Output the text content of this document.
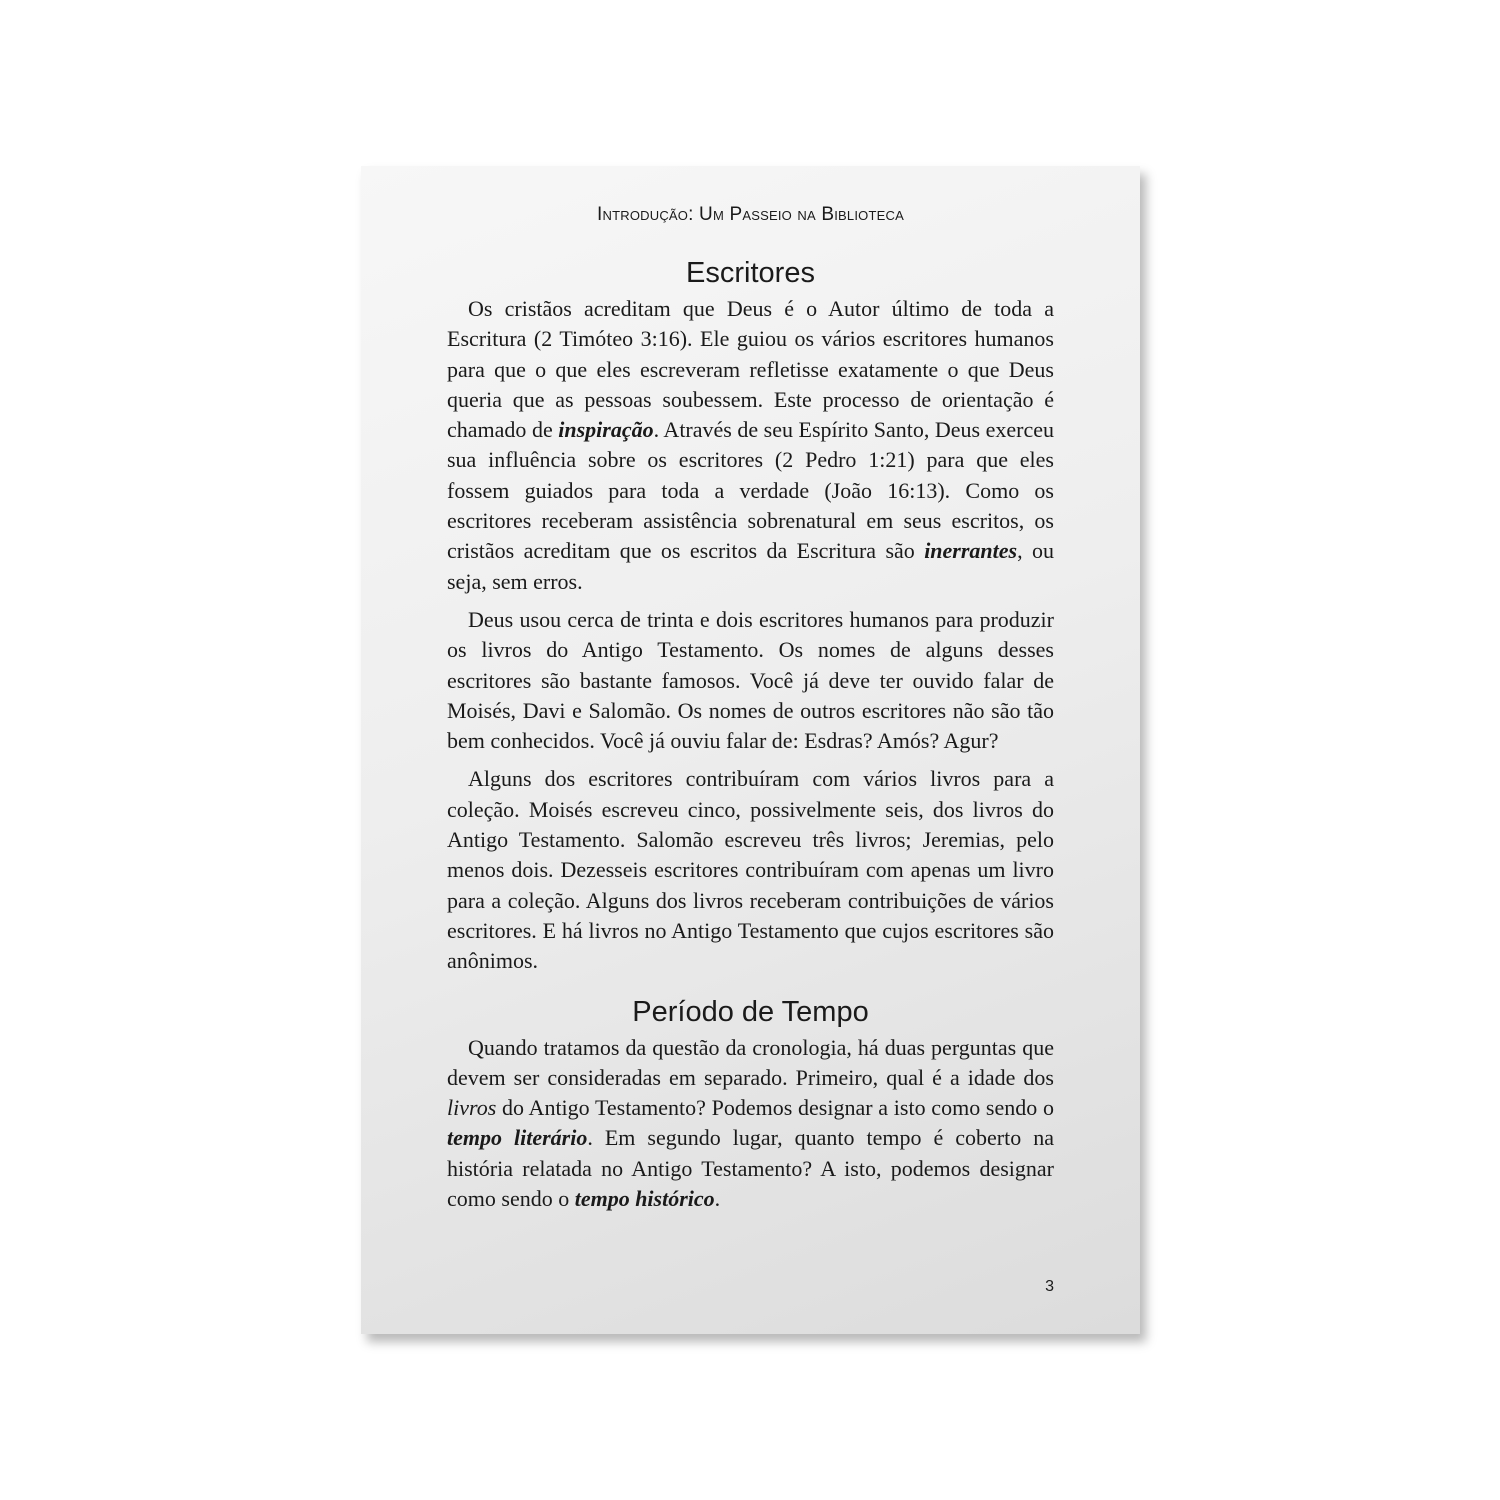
Introdução: Um Passeio na Biblioteca
Escritores

Os cristãos acreditam que Deus é o Autor último de toda a Escritura (2 Timóteo 3:16). Ele guiou os vários escritores humanos para que o que eles escreveram refletisse exatamente o que Deus queria que as pessoas soubessem. Este processo de orientação é chamado de inspiração. Através de seu Espírito Santo, Deus exerceu sua influência sobre os escritores (2 Pedro 1:21) para que eles fossem guiados para toda a verdade (João 16:13). Como os escritores receberam assistência sobrenatural em seus escritos, os cristãos acreditam que os escritos da Escritura são inerrantes, ou seja, sem erros.

Deus usou cerca de trinta e dois escritores humanos para produzir os livros do Antigo Testamento. Os nomes de alguns desses escritores são bastante famosos. Você já deve ter ouvido falar de Moisés, Davi e Salomão. Os nomes de outros escritores não são tão bem conhecidos. Você já ouviu falar de: Esdras? Amós? Agur?

Alguns dos escritores contribuíram com vários livros para a coleção. Moisés escreveu cinco, possivelmente seis, dos livros do Antigo Testamento. Salomão escreveu três livros; Jeremias, pelo menos dois. Dezesseis escritores contribuíram com apenas um livro para a coleção. Alguns dos livros receberam contribuições de vários escritores. E há livros no Antigo Testamento que cujos escritores são anônimos.

Período de Tempo

Quando tratamos da questão da cronologia, há duas perguntas que devem ser consideradas em separado. Primeiro, qual é a idade dos livros do Antigo Testamento? Podemos designar a isto como sendo o tempo literário. Em segundo lugar, quanto tempo é coberto na história relatada no Antigo Testamento? A isto, podemos designar como sendo o tempo histórico.

3
